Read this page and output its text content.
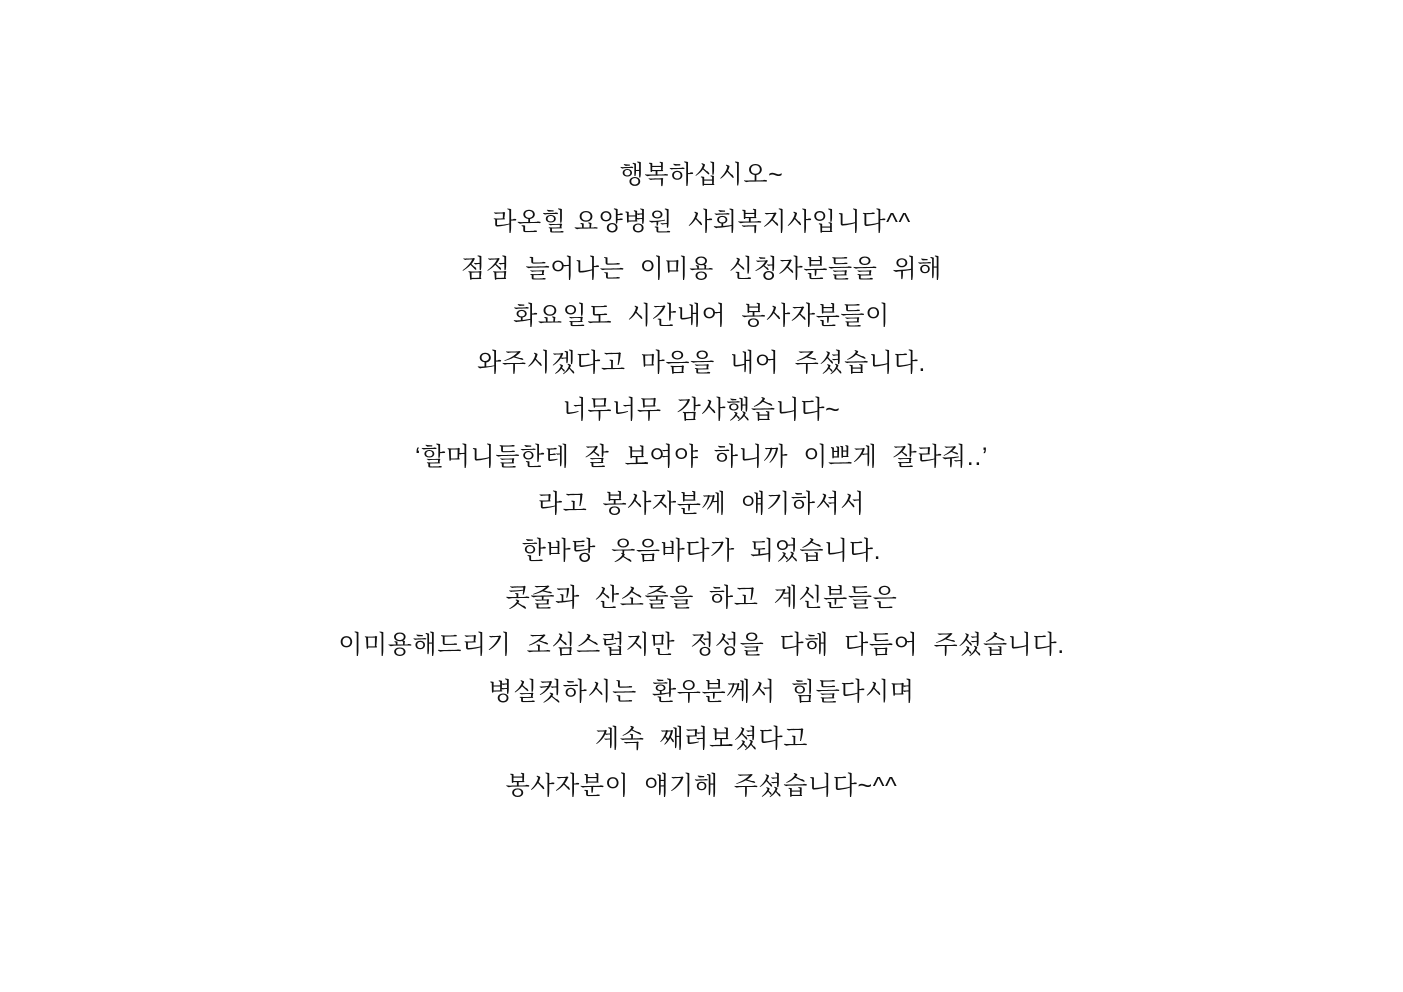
행복하십시오~
라온힐 요양병원  사회복지사입니다^^
점점  늘어나는  이미용  신청자분들을  위해
화요일도  시간내어  봉사자분들이
와주시겠다고  마음을  내어  주셨습니다.
너무너무  감사했습니다~
‘할머니들한테  잘  보여야  하니까  이쁘게  잘라줘..’
라고  봉사자분께  얘기하셔서
한바탕  웃음바다가  되었습니다.
콧줄과  산소줄을  하고  계신분들은
이미용해드리기  조심스럽지만  정성을  다해  다듬어  주셨습니다.
병실컷하시는  환우분께서  힘들다시며
계속  째려보셨다고
봉사자분이  얘기해  주셨습니다~^^
